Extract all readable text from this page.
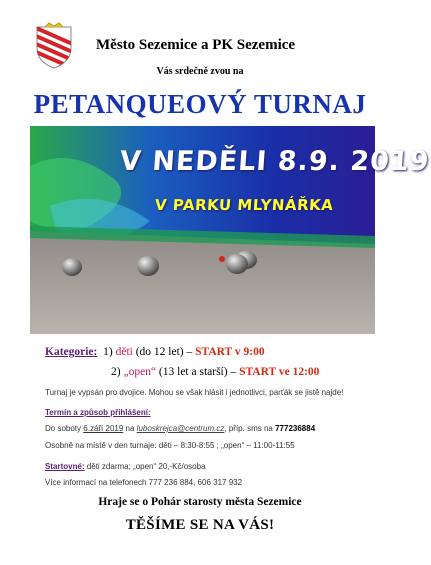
Město Sezemice a PK Sezemice
Vás srdečně zvou na
PETANQUEOVÝ TURNAJ
V NEDĚLI 8.9. 2019
V PARKU MLYNÁŘKA
Kategorie: 1) děti (do 12 let) – START v 9:00
2) „open“ (13 let a starší) – START ve 12:00
Turnaj je vypsán pro dvojice. Mohou se však hlásit i jednotlivci, parťák se jistě najde!
Termín a způsob přihlášení:
Do soboty 6.září 2019 na luboskrejca@centrum.cz, příp. sms na 777236884
Osobně na místě v den turnaje: děti – 8:30-8:55 ; „open“ – 11:00-11:55
Startovné: děti zdarma; „open“ 20,-Kč/osoba
Více informací na telefonech 777 236 884, 606 317 932
Hraje se o Pohár starosty města Sezemice
TĚŠÍME SE NA VÁS!
